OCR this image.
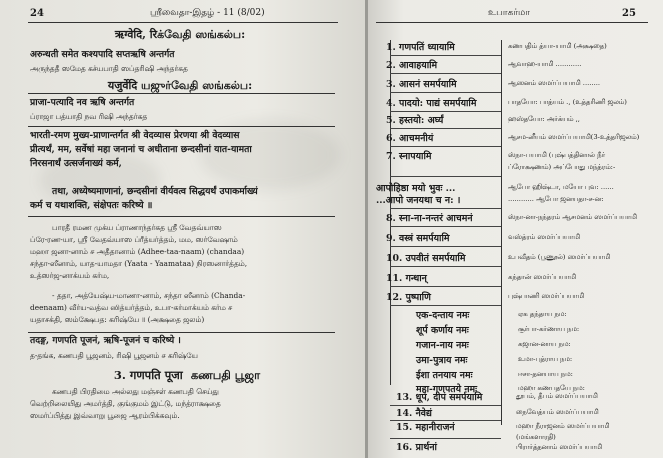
24	ஸ்ரீவைதா-இதழ் - 11 (8/02)
ऋग्वेदि, रिக்வேதி ஸங்கல்ப:
अरुन्धती समेत कश्यपादि सप्तऋषि अन्तर्गत
அருந்ததீ ஸமேத கச்யபாதி ஸப்தரிஷி அந்தர்கத
यजुर्वेदि யஜுர்வேதி ஸங்கல்ப:
प्राजा-पत्यादि नव ऋषि अन्तर्गत
ப்ராஜா பத்யாதி நவ ரிஷி அந்தர்கத
भारती-रमण मुख्य-प्राणान्तर्गत श्री वेदव्यास प्रेरणया श्री वेदव्यास
प्रीत्यर्थं, मम, सर्वेषां महा जनानां च अधीताना छन्दसीनां यात-यामता
निरसनार्थं उत्सर्जनाख्यं कर्म,
तथा, अध्येष्यमाणानां, छन्दसीनां वीर्यवत्व सिद्धयर्थं उपाकर्माख्यं
कर्म च यथाशक्ति, संक्षेपतः करिष्ये ॥
பாரதீ ரமண முக்ய ப்ராணாந்தர்கத ஸ்ரீ வேதவ்யாஸ
ப்ரே-ரண-யா, ஸ்ரீ வேதவ்யாஸ ப்ரீத்யர்த்தம், மம, ஸர்வேஷாம்
மஹா ஜனா-னாம் ச அதீதானாம் (Adhee-taa-naam) (chandaa)
சந்தா-ஸீனாம், யாத-யாமதா (Yaata - Yaamataa) நிரஸனார்த்தம்,
உத்ஸர்ஜ-னாக்யம் கர்ம,
- ததா, அத்யேஷ்ய-மாணா-னாம், சந்தா ஸீனாம் (Chanda-
deenaam) வீர்ய-வத்வ ஸித்யர்த்தம், உபா-கர்மாக்யம் கர்ம ச
யதாசக்தி, ஸம்க்ஷேபத: கரிஷ்யே ॥ (அக்ஷதை ஜலம்)
तदङ्ग, गणपति पूजनं, ऋषि-पूजनं च करिष्ये ।
த-தங்க, கணபதி பூஜனம், ரிஷி பூஜனம் ச கரிஷ்யே
3. गणपति पूजा கணபதி பூஜா
கணபதி பிரதிமை அல்லது மஞ்சள் கணபதி செய்து
வெற்றிலையிது அமர்த்தி, குங்குமம் இட்டு, மந்த்ராக்ஷதை
ஸமர்ப்பித்து இவ்வாறு பூஜை ஆரம்பிக்கவும்.
உபாகர்மா	25
1. गणपतिं ध्यायामि	கணபதிம் த்யா-யாமி (அக்ஷதை)
2. आवाहयामि	ஆவாஹ-யாமி ............
3. आसनं समर्पयामि	ஆஸனம் ஸமர்ப்பயாமி ........
4. पादयो: पाद्यं समर्पयामि	பாதயோ: பாத்யம் ., (உத்தரிணி ஜலம்)
5. हस्तयो: अर्घ्यं	ஹஸ்தயோ: அர்க்யம் ,,
6. आचमनीयं	ஆசம-னீயம் ஸமர்ப்பயாமி(3-உத்தரிஜலம்)
7. स्नापयामि	ஸ்நா-பயாமி (புஷ்பத்தினால் நீர்
ப்ரோக்ஷணம்) அப்போது மந்த்ரம்:-
आपोहिष्ठा मयो भुवः ...	ஆபோ ஹிஷ்டா, மயோ புவ: ......
...आपो जनयथा च न: ।	............ ஆபோ ஜனயதா-ச-ன:
8. स्ना-ना-नन्तरं आचमनं	ஸ்நா-னா-நந்தரம் ஆசமனம் ஸமர்ப்பயாமி
9. वस्त्रं समर्पयामि	வஸ்த்ரம் ஸமர்ப்பயாமி
10. उपवीतं समर्पयामि	உபவீதம் (பூணூல்) ஸமர்ப்பயாமி
11. गन्धान्	கந்தான் ஸமர்ப்பயாமி
12. पुष्पाणि	புஷ்பாணி ஸமர்ப்பயாமி
एक-दन्ताय नमः	ஏக தந்தாய நம:
शूर्प कर्णाय नमः	சூர்பா-கர்ணாய நம:
गजान-नाय नमः	கஜான-னாய நம:
उमा-पुत्राय नमः	உமா-புத்ராய நம:
ईशा तनयाय नमः	ஈசா-தனயாய நம:
महा-गणपतये नमः	மஹா கணபதயே நம:
13. धूपं, दीपं समर्पयामि	தூபம், தீபம் ஸமர்ப்பயாமி
14. नैवेद्यं	நைவேத்யம் ஸமர்ப்பயாமி
15. महानीराजनं	மஹா நீராஜனம் ஸமர்ப்பயாமி
(மங்களாரதி)
16. प्रार्थनां	பிரார்த்தனாம் ஸமர்ப்பயாமி
